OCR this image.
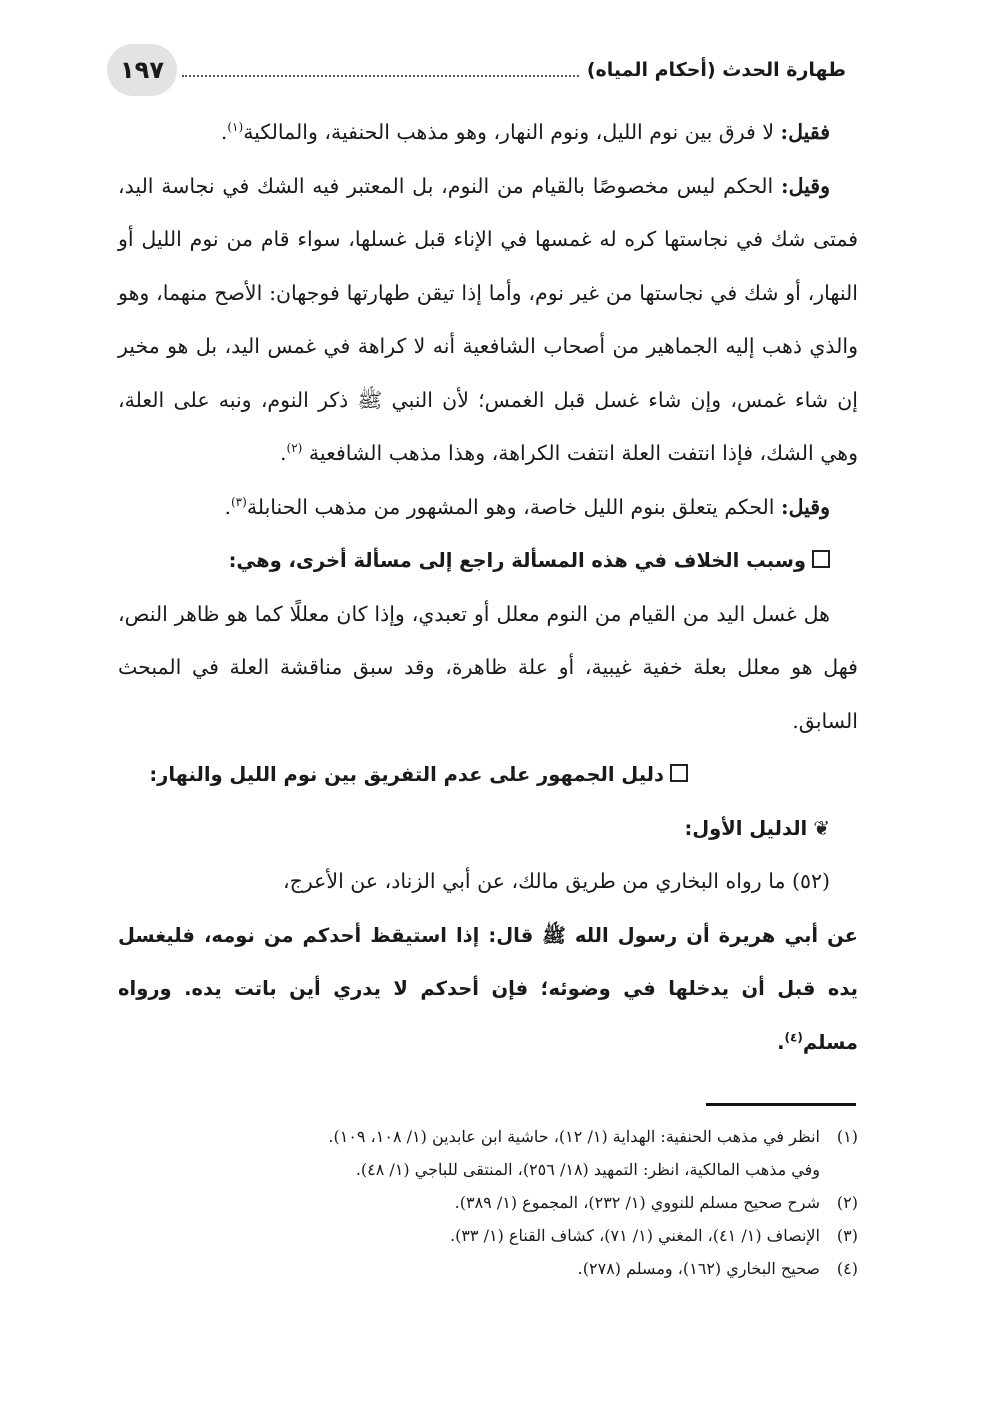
١٩٧	طهارة الحدث (أحكام المياه)

فقيل: لا فرق بين نوم الليل، ونوم النهار، وهو مذهب الحنفية، والمالكية$^{(١)}$.

وقيل: الحكم ليس مخصوصًا بالقيام من النوم، بل المعتبر فيه الشك في نجاسة اليد، فمتى شك في نجاستها كره له غمسها في الإناء قبل غسلها، سواء قام من نوم الليل أو النهار، أو شك في نجاستها من غير نوم، وأما إذا تيقن طهارتها فوجهان: الأصح منهما، وهو والذي ذهب إليه الجماهير من أصحاب الشافعية أنه لا كراهة في غمس اليد، بل هو مخير إن شاء غمس، وإن شاء غسل قبل الغمس؛ لأن النبي ﷺ ذكر النوم، ونبه على العلة، وهي الشك، فإذا انتفت العلة انتفت الكراهة، وهذا مذهب الشافعية $^{(٢)}$.

وقيل: الحكم يتعلق بنوم الليل خاصة، وهو المشهور من مذهب الحنابلة$^{(٣)}$.

وسبب الخلاف في هذه المسألة راجع إلى مسألة أخرى، وهي:

هل غسل اليد من القيام من النوم معلل أو تعبدي، وإذا كان معللًا كما هو ظاهر النص، فهل هو معلل بعلة خفية غيبية، أو علة ظاهرة، وقد سبق مناقشة العلة في المبحث السابق.

دليل الجمهور على عدم التفريق بين نوم الليل والنهار:

❦الدليل الأول:

(٥٢) ما رواه البخاري من طريق مالك، عن أبي الزناد، عن الأعرج،

عن أبي هريرة أن رسول الله ﷺ قال: إذا استيقظ أحدكم من نومه، فليغسل يده قبل أن يدخلها في وضوئه؛ فإن أحدكم لا يدري أين باتت يده. ورواه مسلم$^{(٤)}$.

(١)انظر في مذهب الحنفية: الهداية (١/ ١٢)، حاشية ابن عابدين (١/ ١٠٨، ١٠٩).

وفي مذهب المالكية، انظر: التمهيد (١٨/ ٢٥٦)، المنتقى للباجي (١/ ٤٨).

(٢)شرح صحيح مسلم للنووي (١/ ٢٣٢)، المجموع (١/ ٣٨٩).

(٣)الإنصاف (١/ ٤١)، المغني (١/ ٧١)، كشاف القناع (١/ ٣٣).

(٤)صحيح البخاري (١٦٢)، ومسلم (٢٧٨).
